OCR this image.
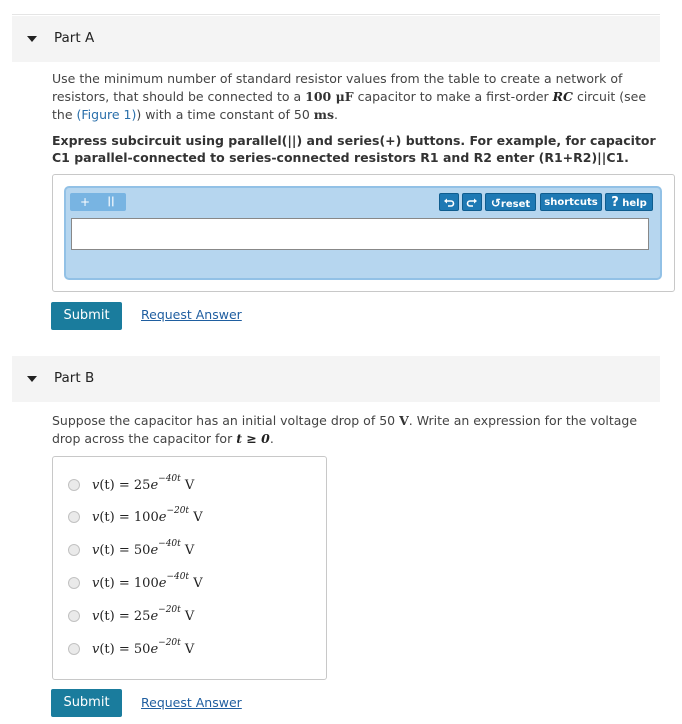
Part A
Use the minimum number of standard resistor values from the table to create a network of resistors, that should be connected to a 100 μF capacitor to make a first-order RC circuit (see the (Figure 1)) with a time constant of 50 ms.
Express subcircuit using parallel(||) and series(+) buttons. For example, for capacitor C1 parallel-connected to series-connected resistors R1 and R2 enter (R1+R2)||C1.
+	||	↺reset	shortcuts	? help
Submit	Request Answer
Part B
Suppose the capacitor has an initial voltage drop of 50 V. Write an expression for the voltage drop across the capacitor for t ≥ 0.
$v(t) = 25e^{-40t}$ V
$v(t) = 100e^{-20t}$ V
$v(t) = 50e^{-40t}$ V
$v(t) = 100e^{-40t}$ V
$v(t) = 25e^{-20t}$ V
$v(t) = 50e^{-20t}$ V
Submit	Request Answer
